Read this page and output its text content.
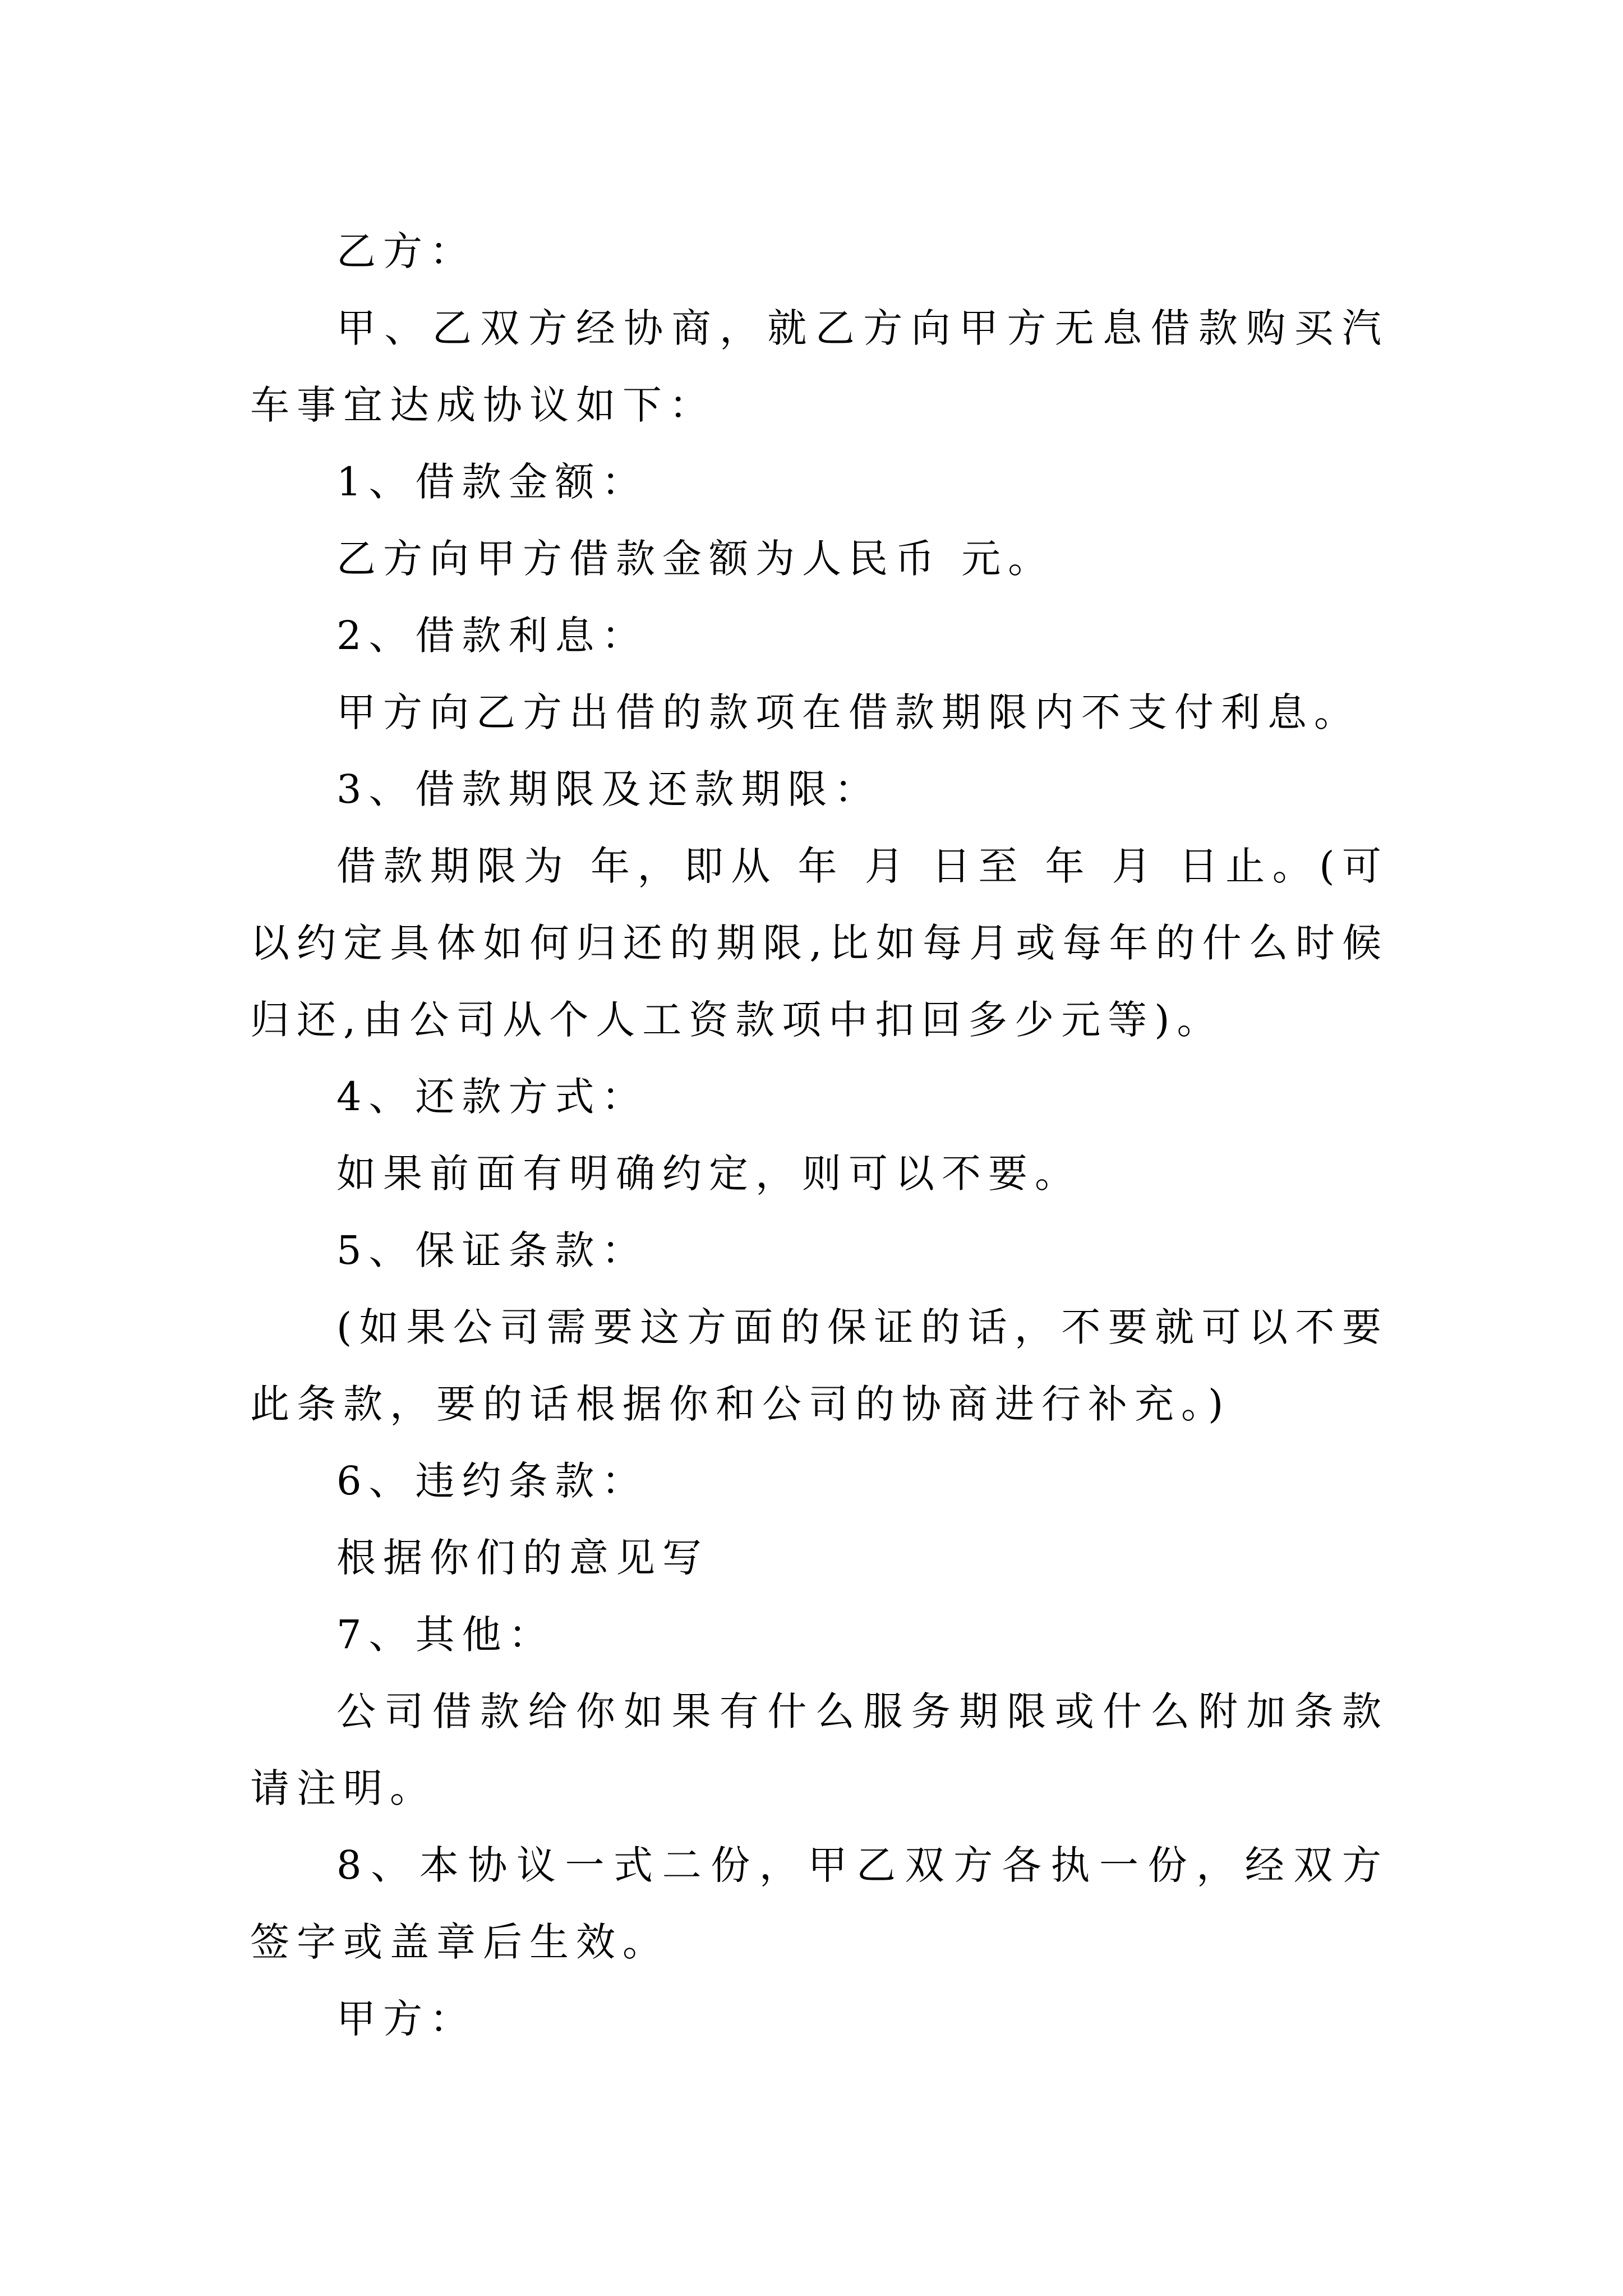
乙方：

甲、乙双方经协商，就乙方向甲方无息借款购买汽车事宜达成协议如下：

1、借款金额：

乙方向甲方借款金额为人民币 元。

2、借款利息：

甲方向乙方出借的款项在借款期限内不支付利息。

3、借款期限及还款期限：

借款期限为 年，即从 年 月 日至 年 月 日止。(可以约定具体如何归还的期限,比如每月或每年的什么时候归还,由公司从个人工资款项中扣回多少元等)。

4、还款方式：

如果前面有明确约定，则可以不要。

5、保证条款：

(如果公司需要这方面的保证的话，不要就可以不要此条款，要的话根据你和公司的协商进行补充。)

6、违约条款：

根据你们的意见写

7、其他：

公司借款给你如果有什么服务期限或什么附加条款请注明。

8、本协议一式二份，甲乙双方各执一份，经双方签字或盖章后生效。

甲方：
